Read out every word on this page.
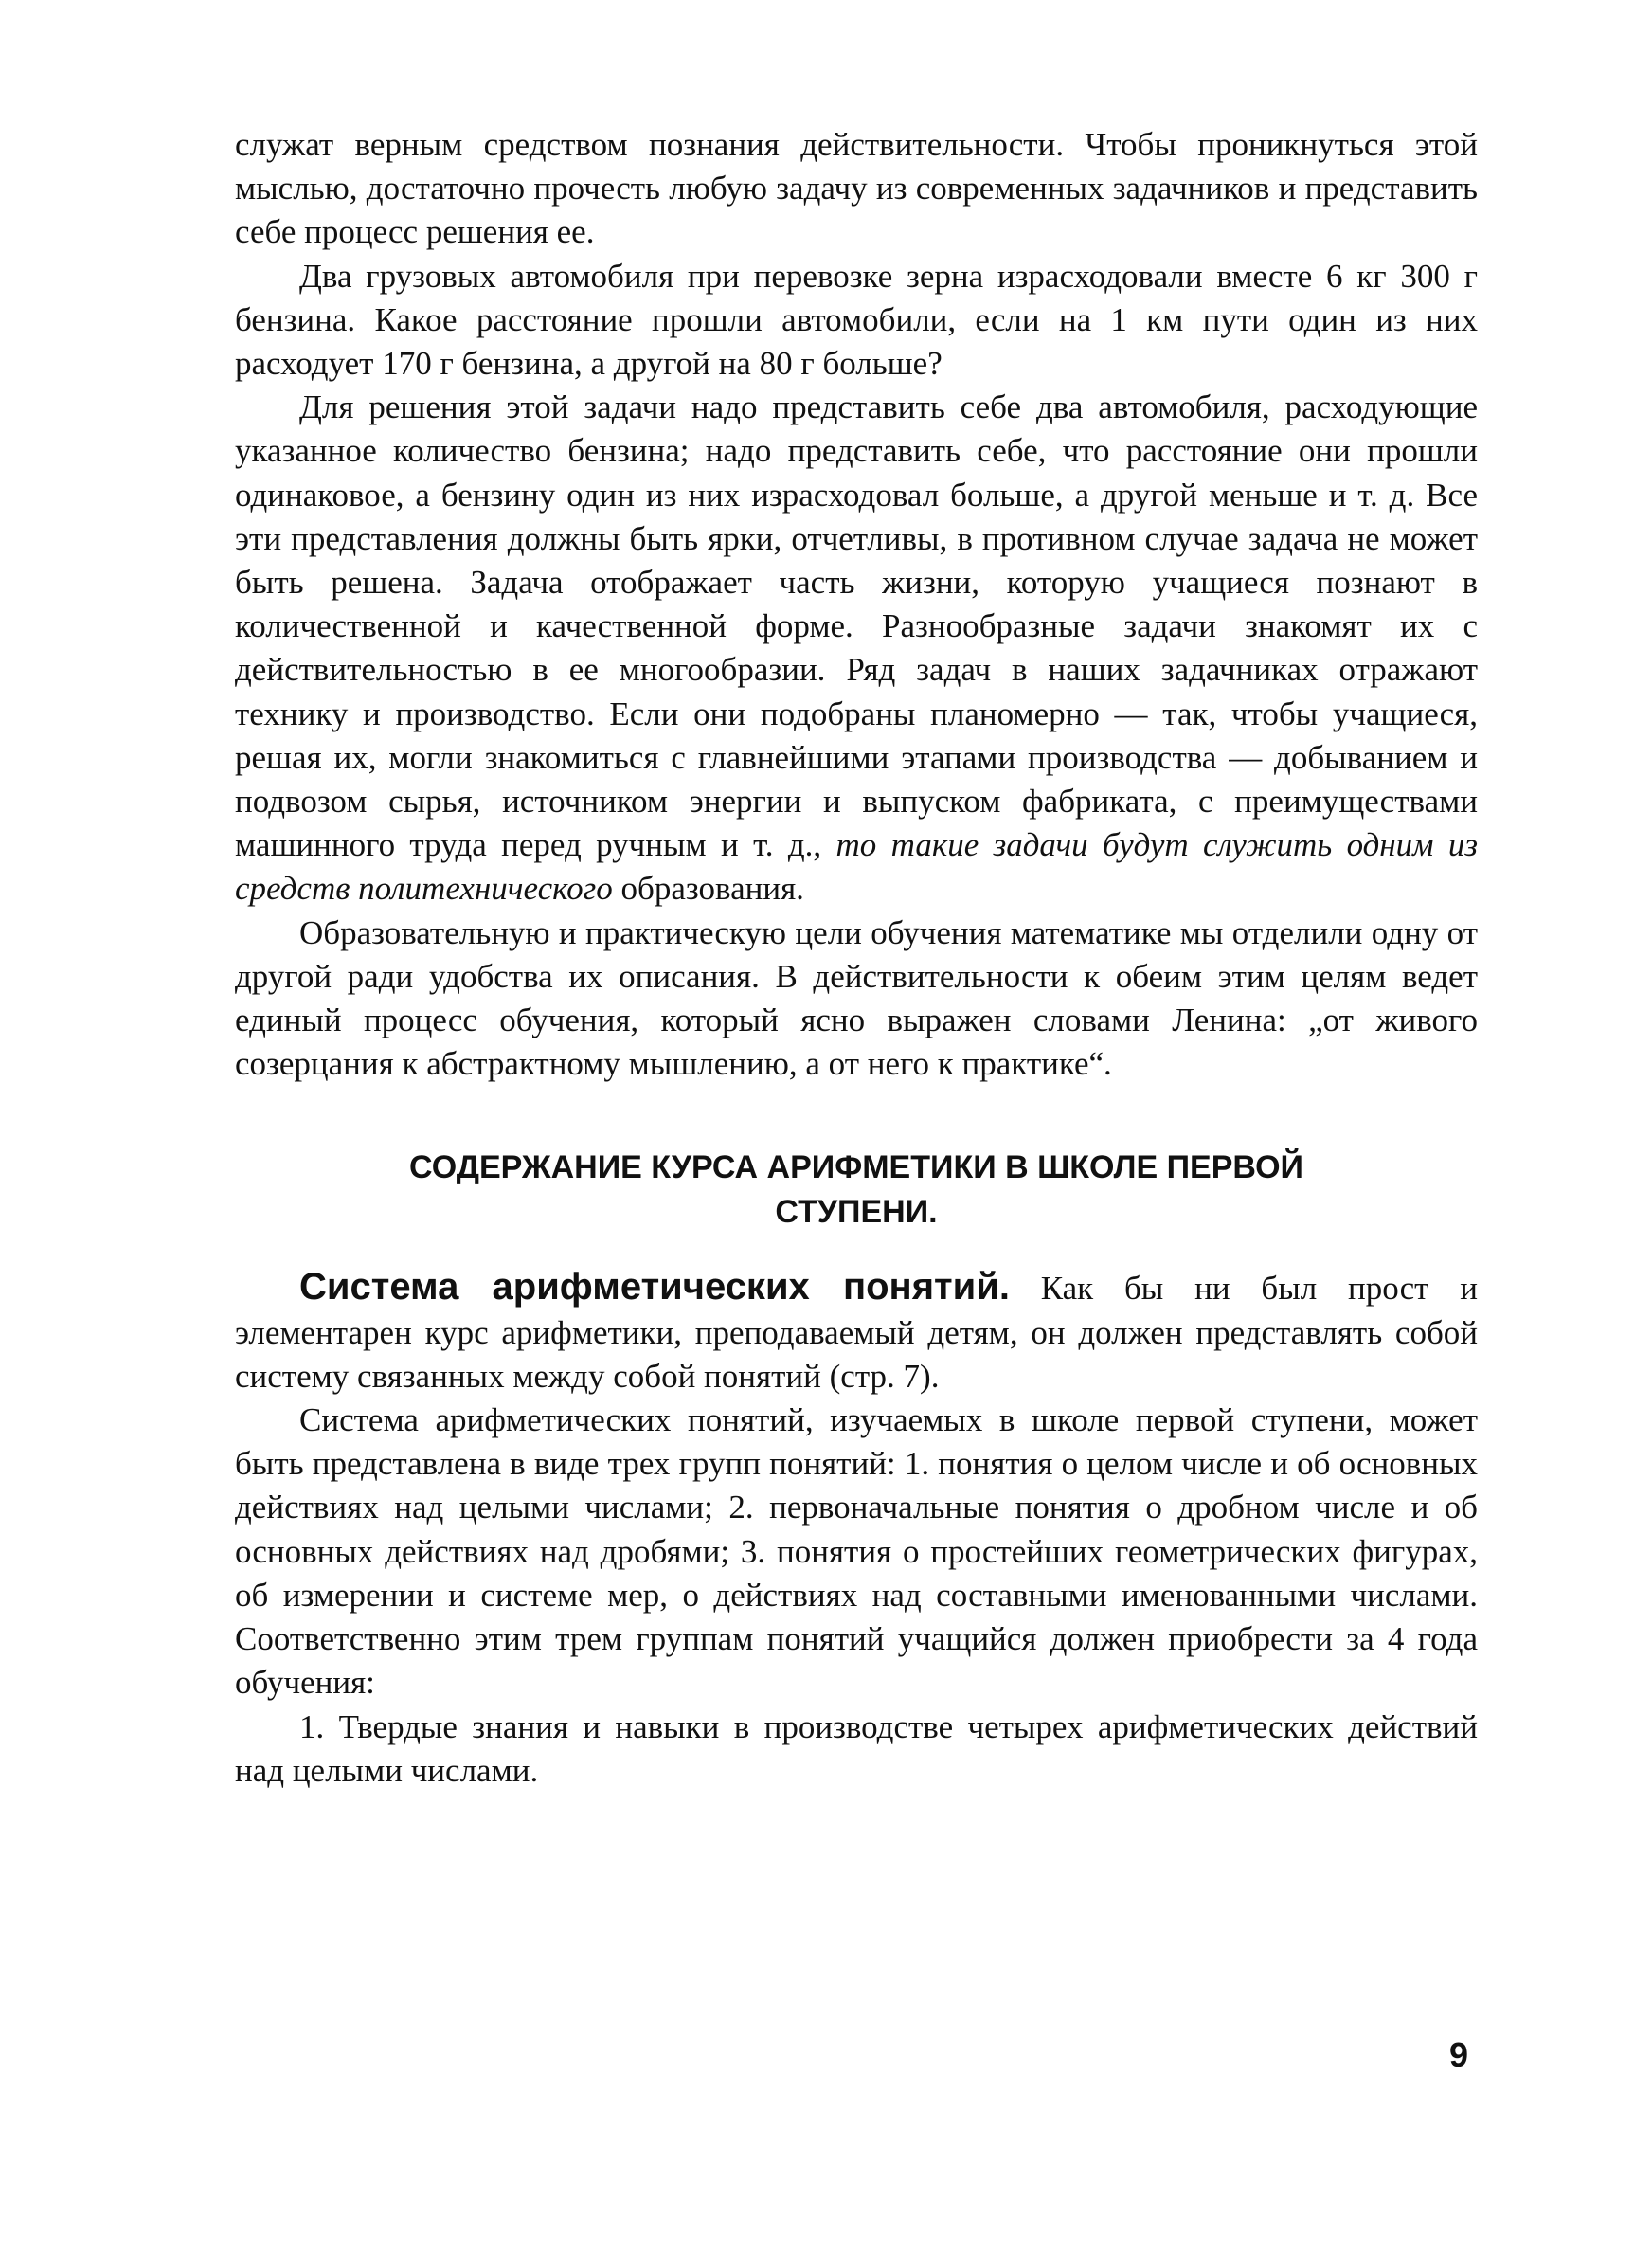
служат верным средством познания действительности. Чтобы проникнуться этой мыслью, достаточно прочесть любую задачу из современных задачников и представить себе процесс решения ее.

Два грузовых автомобиля при перевозке зерна израсходовали вместе 6 кг 300 г бензина. Какое расстояние прошли автомобили, если на 1 км пути один из них расходует 170 г бензина, а другой на 80 г больше?

Для решения этой задачи надо представить себе два автомобиля, расходующие указанное количество бензина; надо представить себе, что расстояние они прошли одинаковое, а бензину один из них израсходовал больше, а другой меньше и т. д. Все эти представления должны быть ярки, отчетливы, в противном случае задача не может быть решена. Задача отображает часть жизни, которую учащиеся познают в количественной и качественной форме. Разнообразные задачи знакомят их с действительностью в ее многообразии. Ряд задач в наших задачниках отражают технику и производство. Если они подобраны планомерно — так, чтобы учащиеся, решая их, могли знакомиться с главнейшими этапами производства — добыванием и подвозом сырья, источником энергии и выпуском фабриката, с преимуществами машинного труда перед ручным и т. д., то такие задачи будут служить одним из средств политехнического образования.

Образовательную и практическую цели обучения математике мы отделили одну от другой ради удобства их описания. В действительности к обеим этим целям ведет единый процесс обучения, который ясно выражен словами Ленина: „от живого созерцания к абстрактному мышлению, а от него к практике“.

СОДЕРЖАНИЕ КУРСА АРИФМЕТИКИ В ШКОЛЕ ПЕРВОЙ
СТУПЕНИ.

Система арифметических понятий. Как бы ни был прост и элементарен курс арифметики, преподаваемый детям, он должен представлять собой систему связанных между собой понятий (стр. 7).

Система арифметических понятий, изучаемых в школе первой ступени, может быть представлена в виде трех групп понятий: 1. понятия о целом числе и об основных действиях над целыми числами; 2. первоначальные понятия о дробном числе и об основных действиях над дробями; 3. понятия о простейших геометрических фигурах, об измерении и системе мер, о действиях над составными именованными числами. Соответственно этим трем группам понятий учащийся должен приобрести за 4 года обучения:

1. Твердые знания и навыки в производстве четырех арифметических действий над целыми числами.

9
